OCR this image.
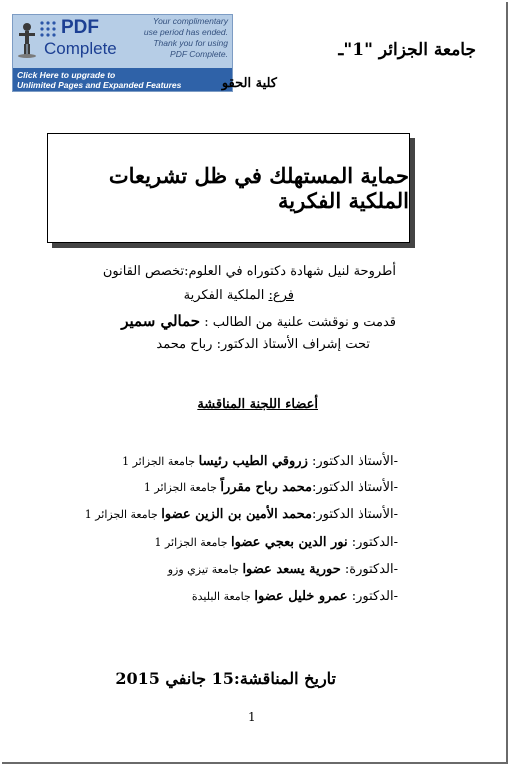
PDF
Complete
Your complimentary
use period has ended.
Thank you for using
PDF Complete.
Click Here to upgrade to
Unlimited Pages and Expanded Features
جامعة الجزائر "1"ـ
كلية الحقو
حماية المستهلك في ظل تشريعات الملكية الفكرية
أطروحة لنيل شهادة دكتوراه في العلوم:تخصص القانون
فرع: الملكية الفكرية
قدمت و نوقشت علنية من الطالب : حمالي سمير
تحت إشراف الأستاذ الدكتور: رباح محمد
أعضاء اللجنة المناقشة
-الأستاذ الدكتور: زروقي الطيب رئيسا جامعة الجزائر 1
-الأستاذ الدكتور:محمد رباح مقرراً جامعة الجزائر 1
-الأستاذ الدكتور:محمد الأمين بن الزين عضوا جامعة الجزائر 1
-الدكتور: نور الدين بعجي عضوا جامعة الجزائر 1
-الدكتورة: حورية يسعد عضوا جامعة تيزي وزو
-الدكتور: عمرو خليل عضوا جامعة البليدة
تاريخ المناقشة:15 جانفي 2015
1
